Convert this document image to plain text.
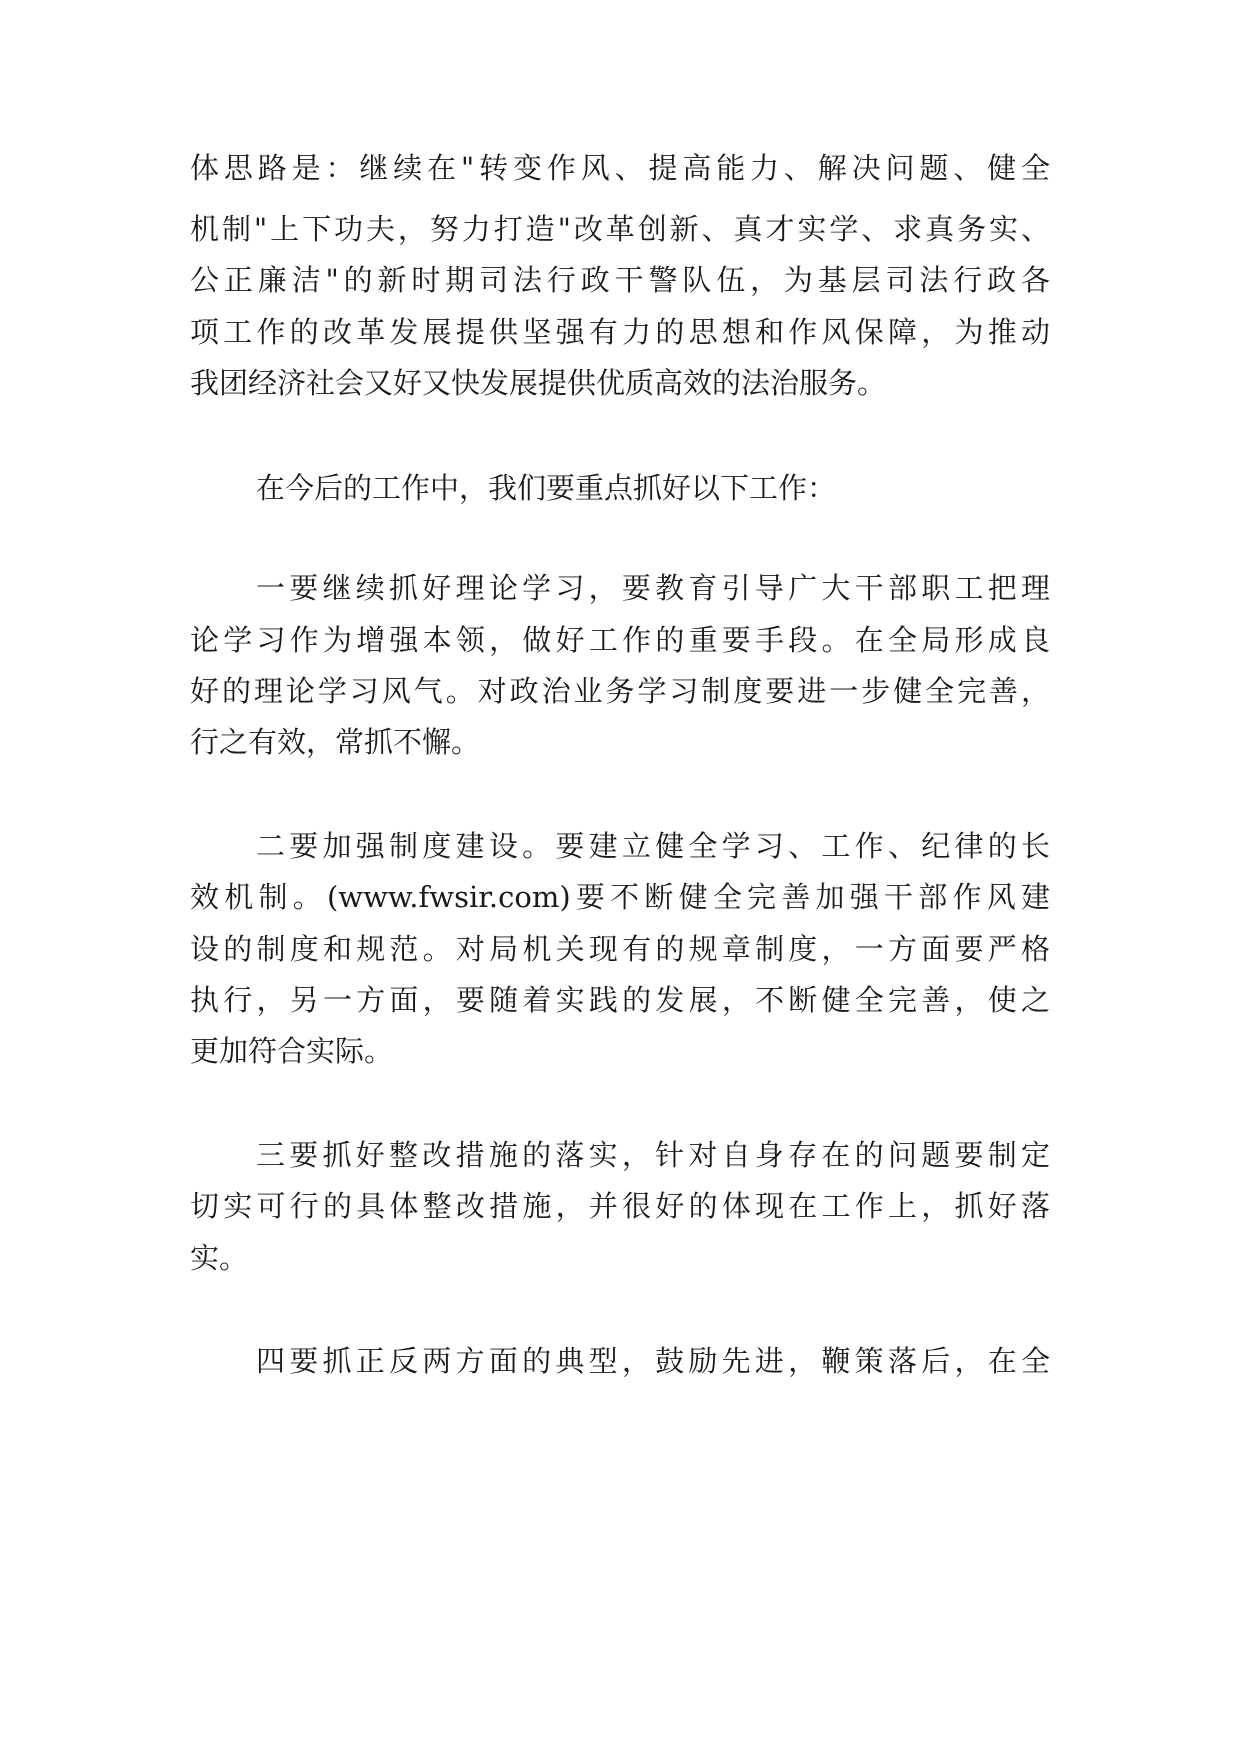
体思路是：继续在"转变作风、提高能力、解决问题、健全
机制"上下功夫，努力打造"改革创新、真才实学、求真务实、
公正廉洁"的新时期司法行政干警队伍，为基层司法行政各
项工作的改革发展提供坚强有力的思想和作风保障，为推动
我团经济社会又好又快发展提供优质高效的法治服务。
在今后的工作中，我们要重点抓好以下工作：
一要继续抓好理论学习，要教育引导广大干部职工把理
论学习作为增强本领，做好工作的重要手段。在全局形成良
好的理论学习风气。对政治业务学习制度要进一步健全完善，
行之有效，常抓不懈。
二要加强制度建设。要建立健全学习、工作、纪律的长
效机制。(www.fwsir.com)要不断健全完善加强干部作风建
设的制度和规范。对局机关现有的规章制度，一方面要严格
执行，另一方面，要随着实践的发展，不断健全完善，使之
更加符合实际。
三要抓好整改措施的落实，针对自身存在的问题要制定
切实可行的具体整改措施，并很好的体现在工作上，抓好落
实。
四要抓正反两方面的典型，鼓励先进，鞭策落后，在全
